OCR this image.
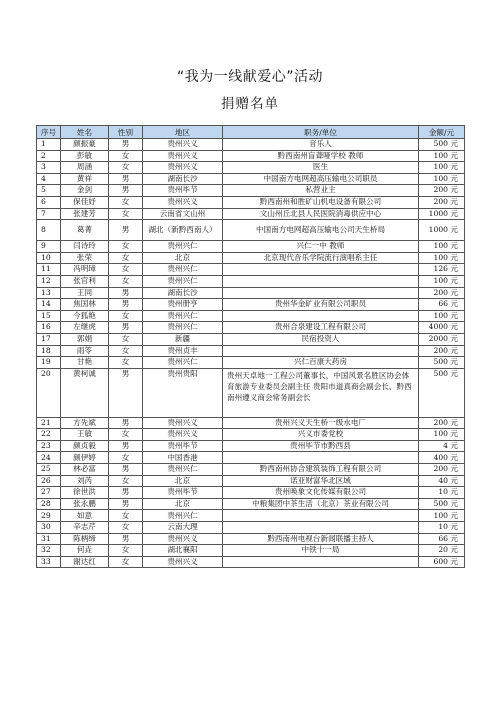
“我为一线献爱心”活动
捐赠名单
序号	姓名	性别	地区	职务/单位	金额/元
1	颜振豪	男	贵州兴义	音乐人	500 元
2	彭敏	女	贵州兴义	黔西南州盲聋哑学校 教师	100 元
3	周涵	女	贵州兴义	医生	100 元
4	黄祥	男	湖南长沙	中国南方电网超高压输电公司职员	100 元
5	金剑	男	贵州毕节	私营业主	200 元
6	保佳妤	女	贵州兴义	黔西南州和胜矿山机电设备有限公司	200 元
7	张建芳	女	云南省文山州	文山州丘北县人民医院消毒供应中心	1000 元
8	葛菁	男	湖北（新黔西南人）	中国南方电网超高压输电公司天生桥局	1000 元
9	闫诗玲	女	贵州兴仁	兴仁一中 教师	100 元
10	张荣	女	北京	北京现代音乐学院流行演唱系主任	100 元
11	冯明璋	女	贵州兴仁		126 元
12	张官利	女	贵州兴仁		100 元
13	王同	男	湖南长沙		200 元
14	焦国林	男	贵州册亨	贵州华金矿业有限公司职员	66 元
15	今狐艳	女	贵州兴仁		100 元
16	左继虎	男	贵州兴仁	贵州合泉建设工程有限公司	4000 元
17	郭娟	女	新疆	民宿投资人	2000 元
18	雨笭	女	贵州贞丰		200 元
19	甘艳	女	贵州兴仁	兴仁百康大药房	500 元
20	黄柯诚	男	贵州贵阳	贵州天卓地一工程公司董事长，中国风景名胜区协会体育旅游专业委员会副主任 贵阳市道真商会副会长、黔西南州遵义商会常务副会长	500 元
21	方先斌	男	贵州兴义	贵州兴义天生桥一级水电厂	200 元
22	王敏	女	贵州兴义	兴义市委党校	100 元
23	颜贞毅	男	贵州毕节	贵州毕节市黔西县	4 元
24	颜伊婷	女	中国香港		400 元
25	林必富	男	贵州兴仁	黔西南州协合建筑装饰工程有限公司	200 元
26	刘芮	女	北京	诺亚财富华北区域	40 元
27	徐世洪	男	贵州毕节	贵州唤象文化传媒有限公司	10 元
28	张永鹏	男	北京	中粮集团中茶生活（北京）茶业有限公司	500 元
29	如意	女	贵州兴仁		100 元
30	辛志芹	女	云南大理		10 元
31	陈柄缔	男	贵州兴义	黔西南州电视台新闻联播主持人	66 元
32	何垚	女	湖北襄阳	中铁十一局	20 元
33	谢达红	女	贵州兴义		600 元
